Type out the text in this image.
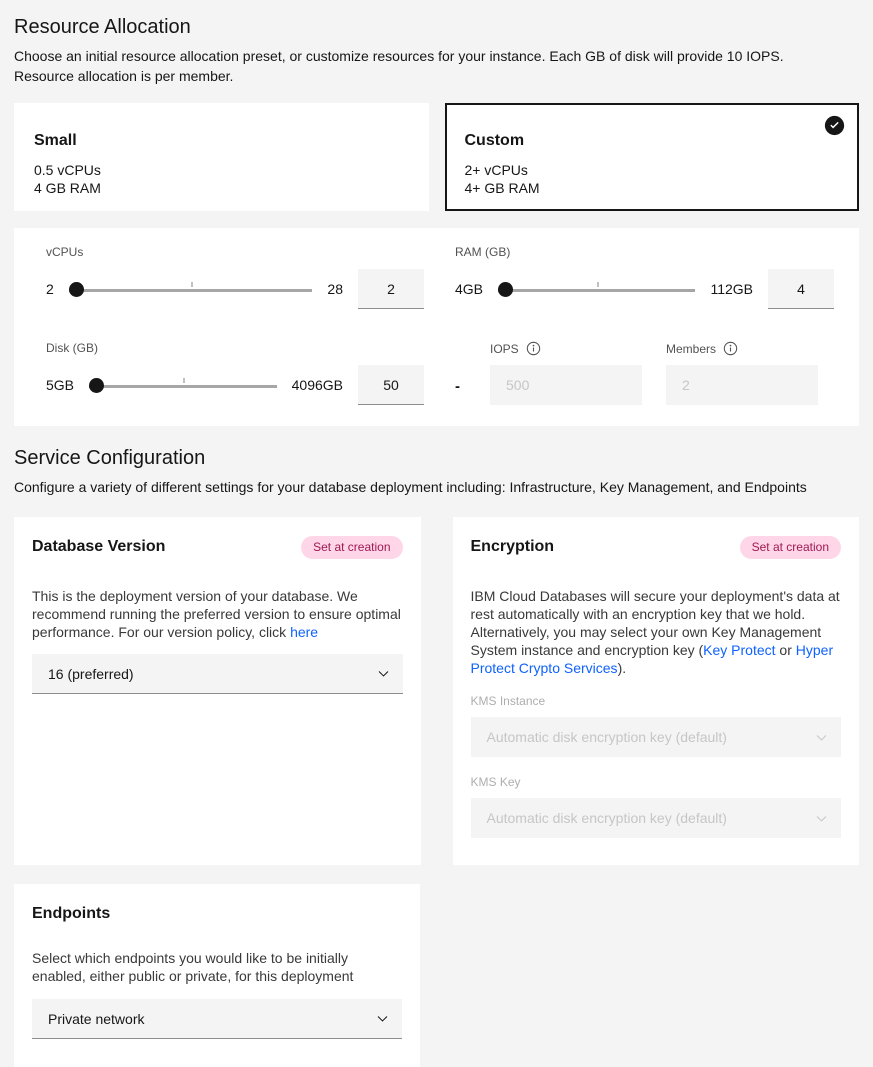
Resource Allocation
Choose an initial resource allocation preset, or customize resources for your instance. Each GB of disk will provide 10 IOPS.
Resource allocation is per member.
Small
0.5 vCPUs
4 GB RAM
Custom
2+ vCPUs
4+ GB RAM
vCPUs
2	28
2
RAM (GB)
4GB	112GB
4
Disk (GB)
5GB	4096GB
50	-
IOPS
500	Members
2
Service Configuration
Configure a variety of different settings for your database deployment including: Infrastructure, Key Management, and Endpoints
Database Version	Set at creation
This is the deployment version of your database. We recommend running the preferred version to ensure optimal performance. For our version policy, click here
16 (preferred)
Encryption	Set at creation
IBM Cloud Databases will secure your deployment's data at rest automatically with an encryption key that we hold. Alternatively, you may select your own Key Management System instance and encryption key (Key Protect or Hyper Protect Crypto Services).
KMS Instance
Automatic disk encryption key (default)
KMS Key
Automatic disk encryption key (default)
Endpoints
Select which endpoints you would like to be initially enabled, either public or private, for this deployment
Private network
